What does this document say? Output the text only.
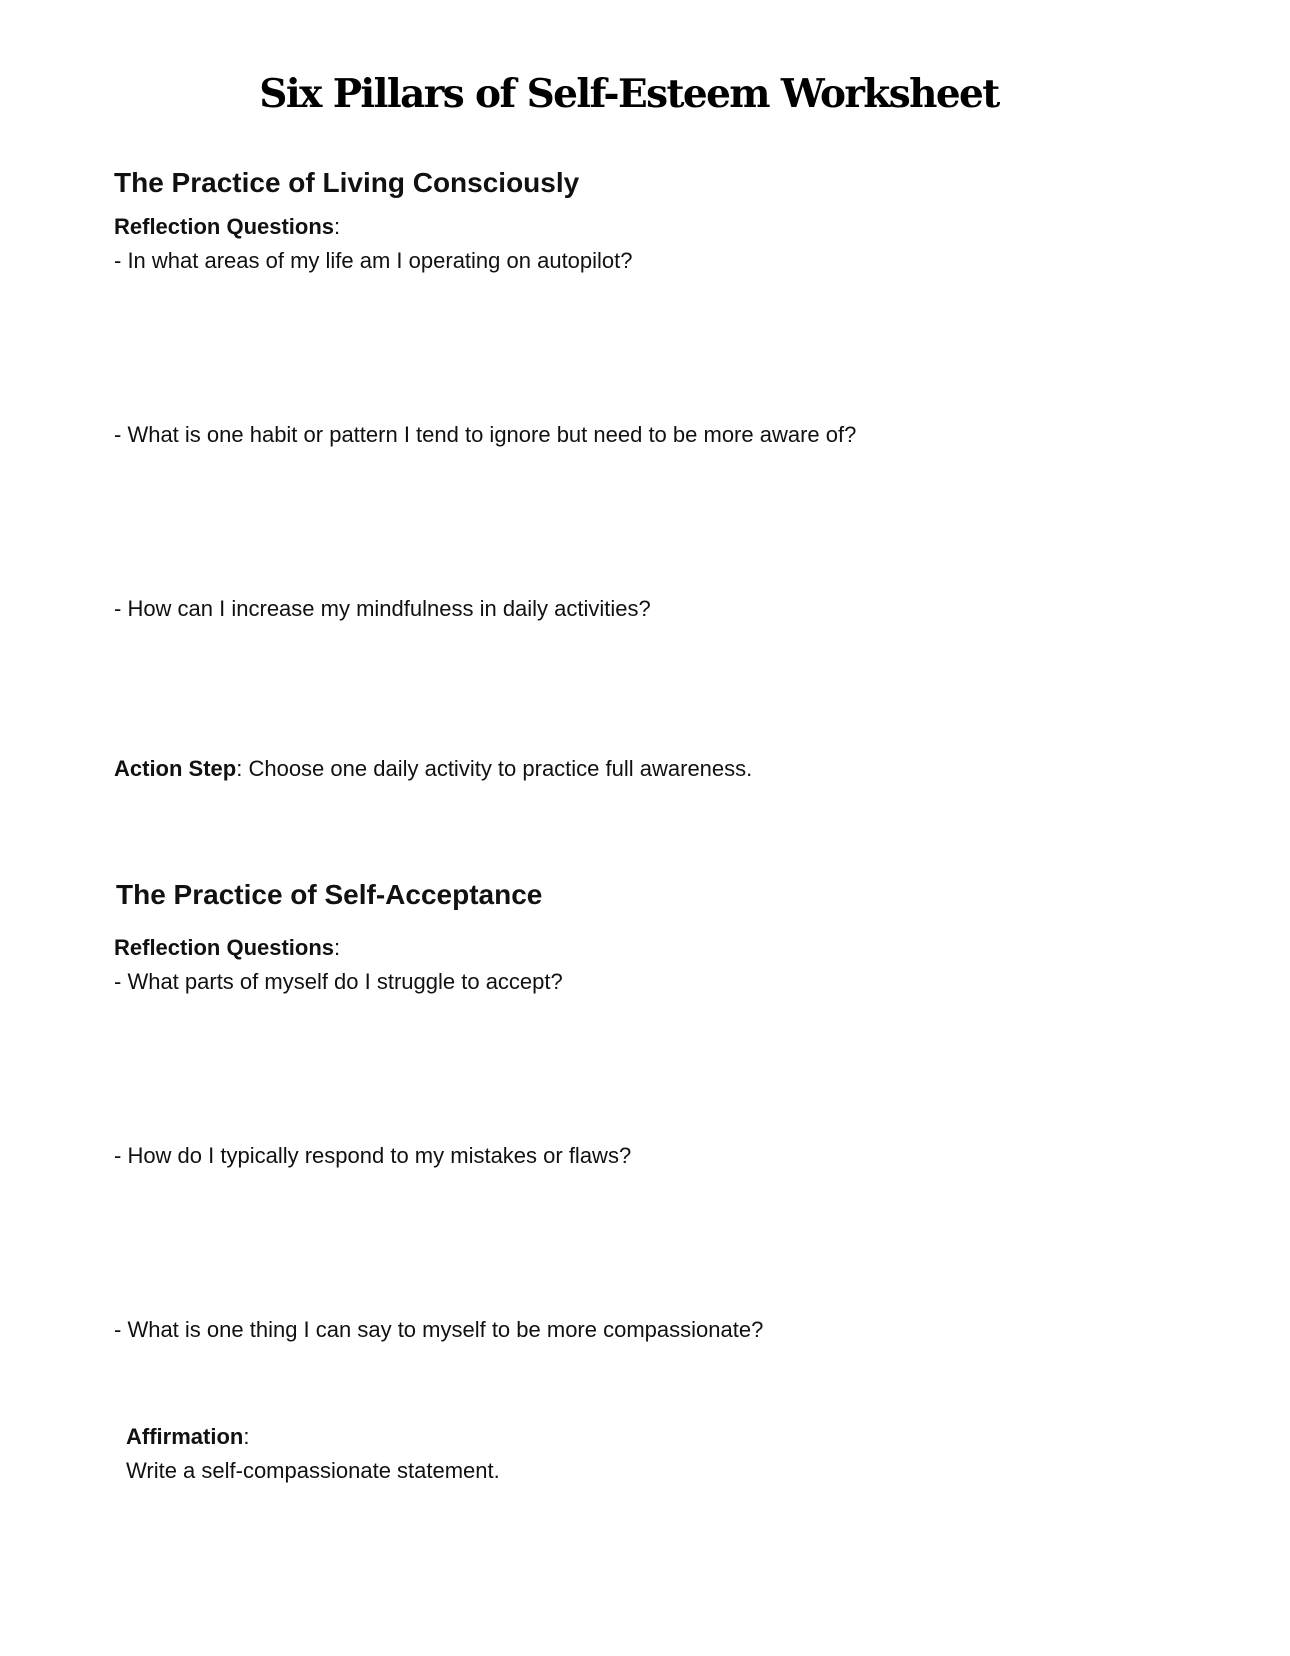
Six Pillars of Self-Esteem Worksheet
The Practice of Living Consciously
Reflection Questions:
- In what areas of my life am I operating on autopilot?
- What is one habit or pattern I tend to ignore but need to be more aware of?
- How can I increase my mindfulness in daily activities?
Action Step: Choose one daily activity to practice full awareness.
The Practice of Self-Acceptance
Reflection Questions:
- What parts of myself do I struggle to accept?
- How do I typically respond to my mistakes or flaws?
- What is one thing I can say to myself to be more compassionate?
Affirmation:
Write a self-compassionate statement.
